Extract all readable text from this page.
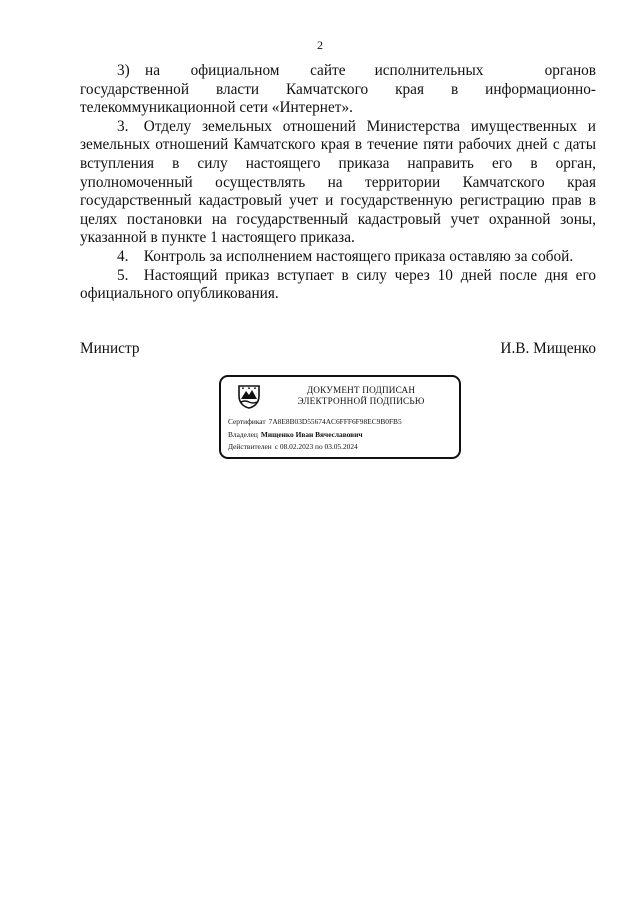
2

3) на  официальном  сайте исполнительных    органов государственной власти Камчатского края в информационно-телекоммуникационной сети «Интернет».

3. Отделу земельных отношений Министерства имущественных и земельных отношений Камчатского края в течение пяти рабочих дней с даты вступления в силу настоящего приказа направить его в орган, уполномоченный осуществлять на территории Камчатского края государственный кадастровый учет и государственную регистрацию прав в целях постановки на государственный кадастровый учет охранной зоны, указанной в пункте 1 настоящего приказа.

4. Контроль за исполнением настоящего приказа оставляю за собой.

5. Настоящий приказ вступает в силу через 10 дней после дня его официального опубликования.

Министр	И.В. Мищенко
ДОКУМЕНТ ПОДПИСАН
ЭЛЕКТРОННОЙ ПОДПИСЬЮ
Сертификат 7A8E8B03D55674AC6FFF6F98EC9B0FB5
Владелец Мищенко Иван Вячеславович
Действителен с 08.02.2023 по 03.05.2024
